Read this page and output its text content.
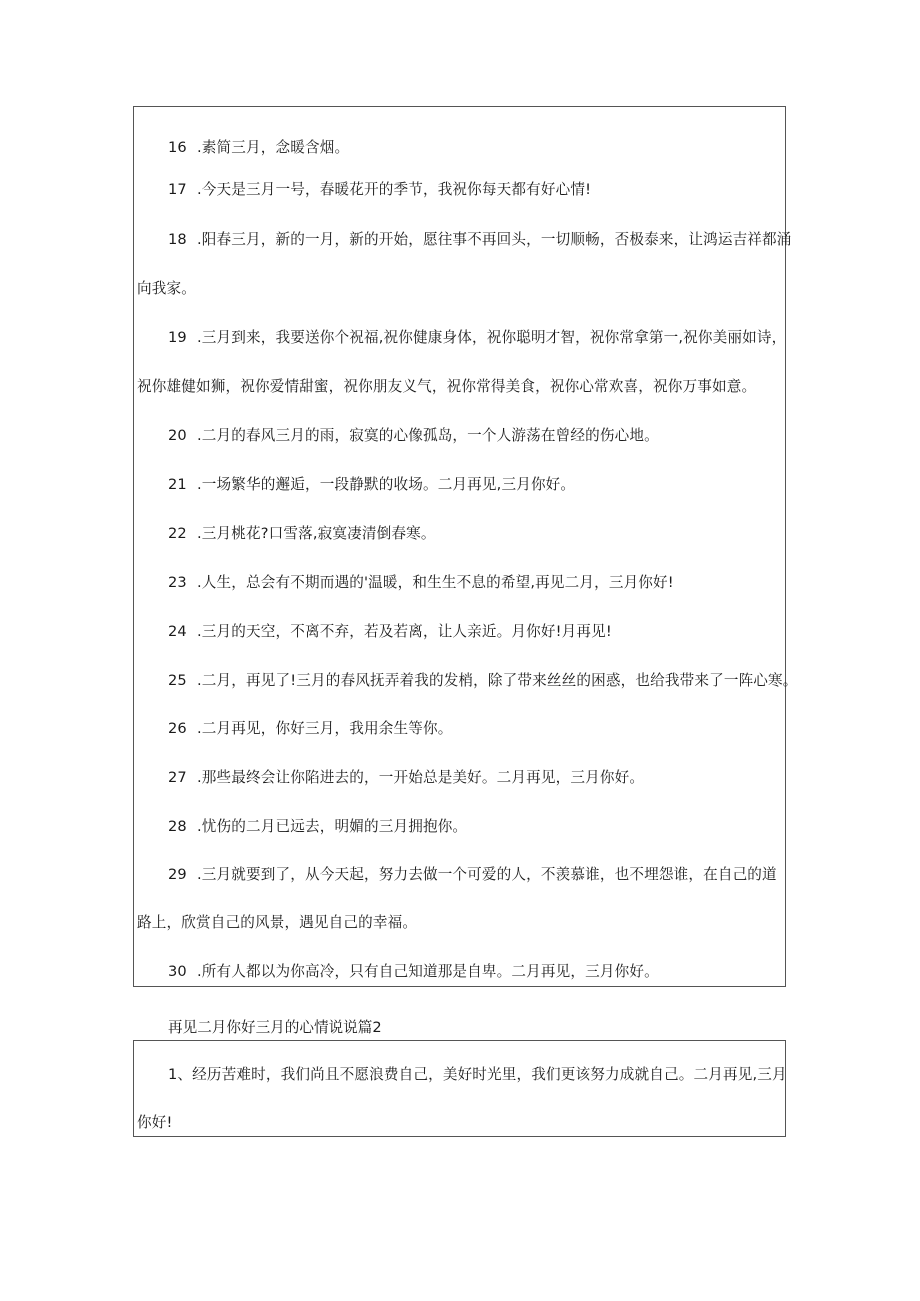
16 .素简三月，念暖含烟。
17 .今天是三月一号，春暖花开的季节，我祝你每天都有好心情!
18 .阳春三月，新的一月，新的开始，愿往事不再回头，一切顺畅，否极泰来，让鸿运吉祥都涌
向我家。
19 .三月到来，我要送你个祝福,祝你健康身体，祝你聪明才智，祝你常拿第一,祝你美丽如诗，
祝你雄健如狮，祝你爱情甜蜜，祝你朋友义气，祝你常得美食，祝你心常欢喜，祝你万事如意。
20 .二月的春风三月的雨，寂寞的心像孤岛，一个人游荡在曾经的伤心地。
21 .一场繁华的邂逅，一段静默的收场。二月再见,三月你好。
22 .三月桃花?口雪落,寂寞凄清倒春寒。
23 .人生，总会有不期而遇的'温暖，和生生不息的希望,再见二月，三月你好!
24 .三月的天空，不离不弃，若及若离，让人亲近。月你好!月再见!
25 .二月，再见了!三月的春风抚弄着我的发梢，除了带来丝丝的困惑，也给我带来了一阵心寒。
26 .二月再见，你好三月，我用余生等你。
27 .那些最终会让你陷进去的，一开始总是美好。二月再见，三月你好。
28 .忧伤的二月已远去，明媚的三月拥抱你。
29 .三月就要到了，从今天起，努力去做一个可爱的人，不羡慕谁，也不埋怨谁，在自己的道
路上，欣赏自己的风景，遇见自己的幸福。
30 .所有人都以为你高冷，只有自己知道那是自卑。二月再见，三月你好。
再见二月你好三月的心情说说篇2
1、经历苦难时，我们尚且不愿浪费自己，美好时光里，我们更该努力成就自己。二月再见,三月
你好!
